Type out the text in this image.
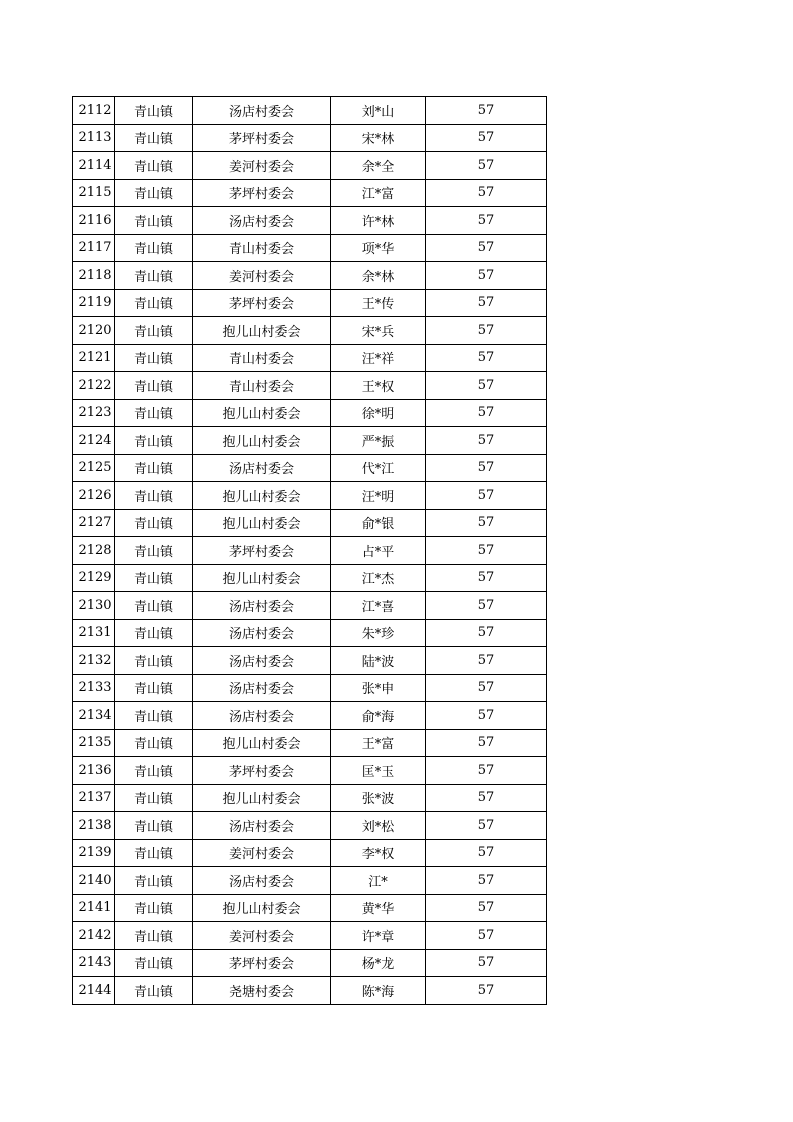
2112	青山镇	汤店村委会	刘*山	57
2113	青山镇	茅坪村委会	宋*林	57
2114	青山镇	姜河村委会	余*全	57
2115	青山镇	茅坪村委会	江*富	57
2116	青山镇	汤店村委会	许*林	57
2117	青山镇	青山村委会	项*华	57
2118	青山镇	姜河村委会	余*林	57
2119	青山镇	茅坪村委会	王*传	57
2120	青山镇	抱儿山村委会	宋*兵	57
2121	青山镇	青山村委会	汪*祥	57
2122	青山镇	青山村委会	王*权	57
2123	青山镇	抱儿山村委会	徐*明	57
2124	青山镇	抱儿山村委会	严*振	57
2125	青山镇	汤店村委会	代*江	57
2126	青山镇	抱儿山村委会	汪*明	57
2127	青山镇	抱儿山村委会	俞*银	57
2128	青山镇	茅坪村委会	占*平	57
2129	青山镇	抱儿山村委会	江*杰	57
2130	青山镇	汤店村委会	江*喜	57
2131	青山镇	汤店村委会	朱*珍	57
2132	青山镇	汤店村委会	陆*波	57
2133	青山镇	汤店村委会	张*申	57
2134	青山镇	汤店村委会	俞*海	57
2135	青山镇	抱儿山村委会	王*富	57
2136	青山镇	茅坪村委会	匡*玉	57
2137	青山镇	抱儿山村委会	张*波	57
2138	青山镇	汤店村委会	刘*松	57
2139	青山镇	姜河村委会	李*权	57
2140	青山镇	汤店村委会	江*	57
2141	青山镇	抱儿山村委会	黄*华	57
2142	青山镇	姜河村委会	许*章	57
2143	青山镇	茅坪村委会	杨*龙	57
2144	青山镇	尧塘村委会	陈*海	57
